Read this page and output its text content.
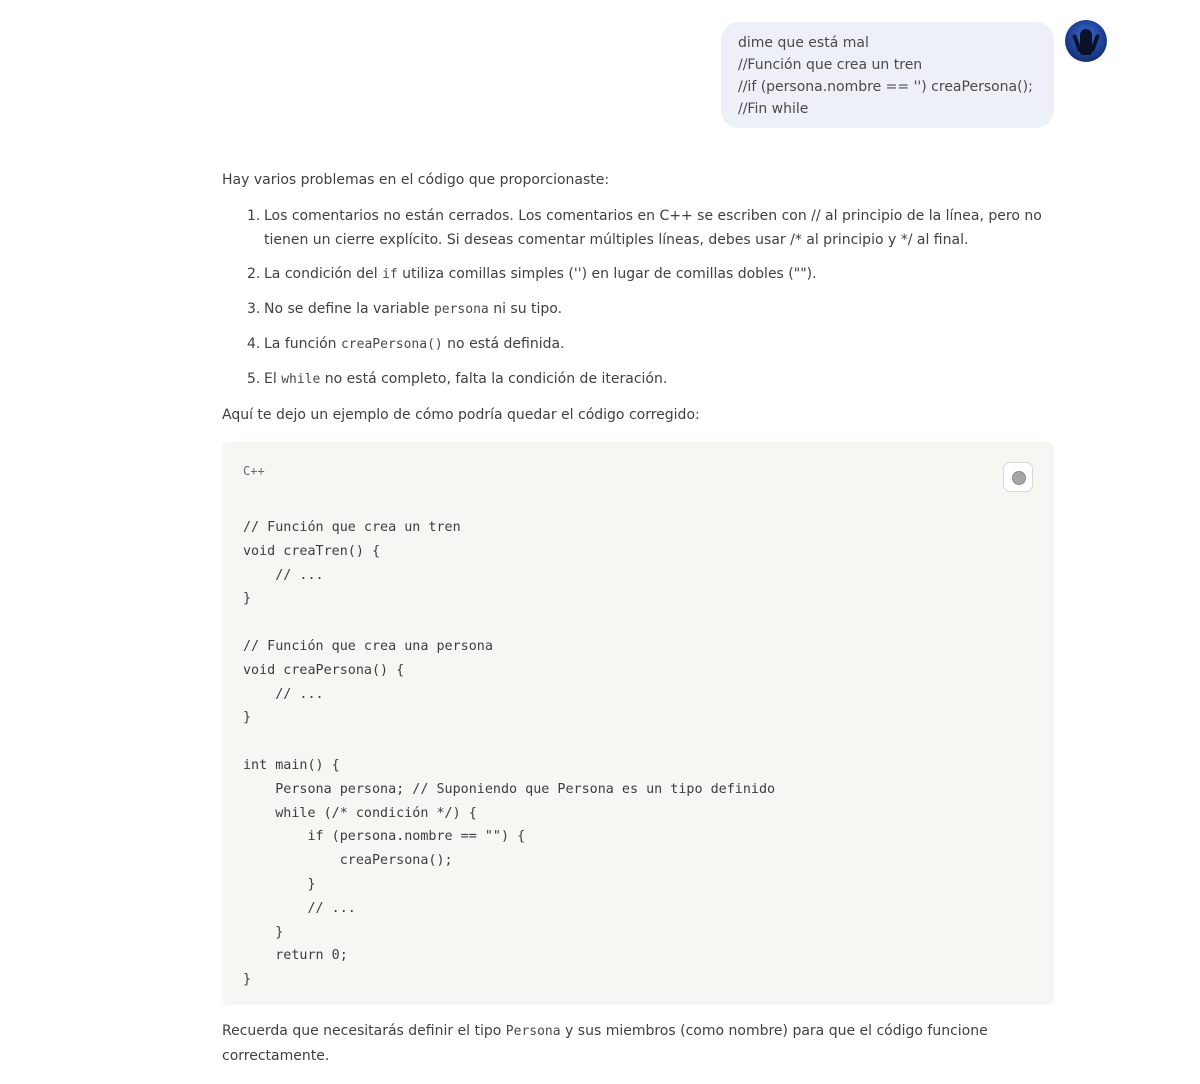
dime que está mal
//Función que crea un tren
//if (persona.nombre == '') creaPersona();
//Fin while

Hay varios problemas en el código que proporcionaste:

1. Los comentarios no están cerrados. Los comentarios en C++ se escriben con // al principio de la línea, pero no tienen un cierre explícito. Si deseas comentar múltiples líneas, debes usar /* al principio y */ al final.
2. La condición del if utiliza comillas simples ('') en lugar de comillas dobles ("").
3. No se define la variable persona ni su tipo.
4. La función creaPersona() no está definida.
5. El while no está completo, falta la condición de iteración.

Aquí te dejo un ejemplo de cómo podría quedar el código corregido:

C++
// Función que crea un tren
void creaTren() {
// ...
}

// Función que crea una persona
void creaPersona() {
// ...
}

int main() {
Persona persona; // Suponiendo que Persona es un tipo definido
while (/* condición */) {
if (persona.nombre == "") {
creaPersona();
}
// ...
}
return 0;
}

Recuerda que necesitarás definir el tipo Persona y sus miembros (como nombre) para que el código funcione correctamente.
